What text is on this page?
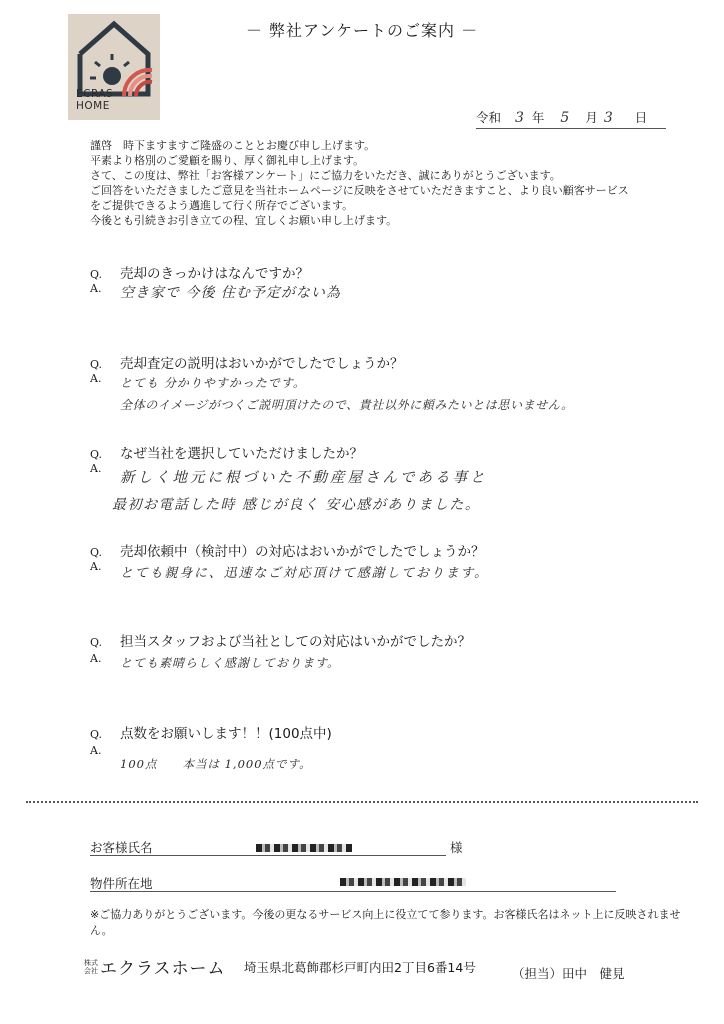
ECRAS
HOME
－ 弊社アンケートのご案内 －
令和 3 年 5 月 3 日

謹啓　時下ますますご隆盛のこととお慶び申し上げます。

平素より格別のご愛顧を賜り、厚く御礼申し上げます。

さて、この度は、弊社「お客様アンケート」にご協力をいただき、誠にありがとうございます。

ご回答をいただきましたご意見を当社ホームページに反映をさせていただきますこと、より良い顧客サービス

をご提供できるよう邁進して行く所存でございます。

今後とも引続きお引き立ての程、宜しくお願い申し上げます。

Q. 売却のきっかけはなんですか？
A.	空き家で 今後 住む予定がない為
Q. 売却査定の説明はおいかがでしたでしょうか？
A.	とても 分かりやすかったです。
全体のイメージがつくご説明頂けたので、貴社以外に頼みたいとは思いません。
Q. なぜ当社を選択していただけましたか？
A.
新しく地元に根づいた不動産屋さんである事と
最初お電話した時 感じが良く 安心感がありました。
Q. 売却依頼中（検討中）の対応はおいかがでしたでしょうか？
A.	とても親身に、迅速なご対応頂けて感謝しております。
Q. 担当スタッフおよび当社としての対応はいかがでしたか？
A.	とても素晴らしく感謝しております。
Q. 点数をお願いします！！(100点中)
A.
100点　　本当は 1,000点です。
お客様氏名	様
物件所在地
※ご協力ありがとうございます。今後の更なるサービス向上に役立てて参ります。お客様氏名はネット上に反映されません。
株式会社 エクラスホーム 埼玉県北葛飾郡杉戸町内田2丁目6番14号	（担当）田中　健見
